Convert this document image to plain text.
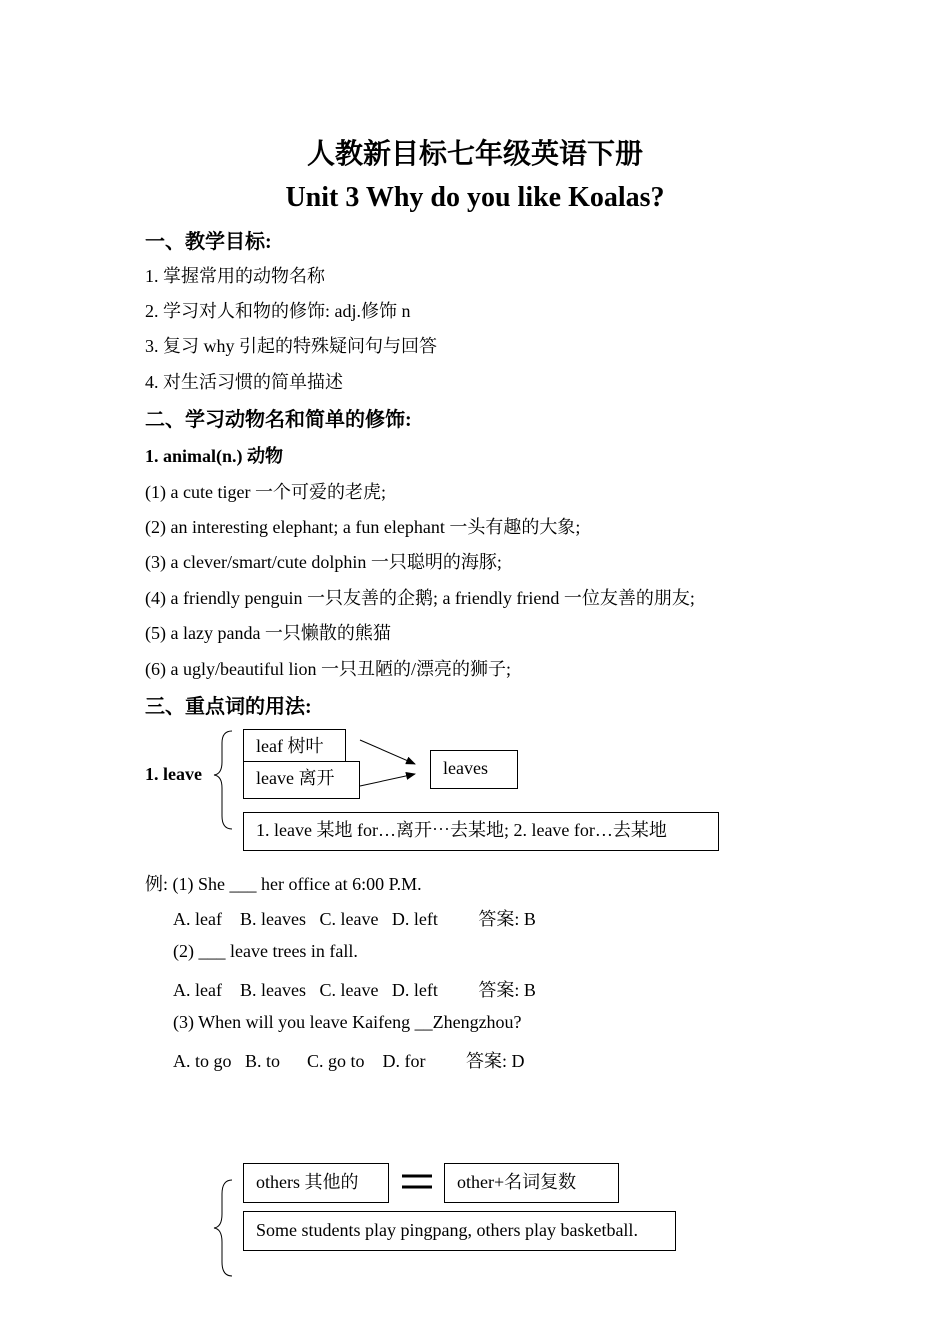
人教新目标七年级英语下册
Unit 3 Why do you like Koalas?
一、教学目标:
1. 掌握常用的动物名称
2. 学习对人和物的修饰: adj.修饰 n
3. 复习 why 引起的特殊疑问句与回答
4. 对生活习惯的简单描述
二、学习动物名和简单的修饰:
1. animal(n.) 动物
(1) a cute tiger 一个可爱的老虎;
(2) an interesting elephant; a fun elephant 一头有趣的大象;
(3) a clever/smart/cute dolphin 一只聪明的海豚;
(4) a friendly penguin 一只友善的企鹅; a friendly friend 一位友善的朋友;
(5) a lazy panda 一只懒散的熊猫
(6) a ugly/beautiful lion 一只丑陋的/漂亮的狮子;
三、重点词的用法:
1. leave
leaf 树叶
leave 离开	leaves
1. leave 某地 for…离开⋯去某地; 2. leave for…去某地
例: (1) She ___ her office at 6:00 P.M.
A. leaf    B. leaves   C. leave   D. left         答案: B
(2) ___ leave trees in fall.
A. leaf    B. leaves   C. leave   D. left         答案: B
(3) When will you leave Kaifeng __Zhengzhou?
A. to go   B. to      C. go to    D. for         答案: D
others 其他的	other+名词复数
Some students play pingpang, others play basketball.
